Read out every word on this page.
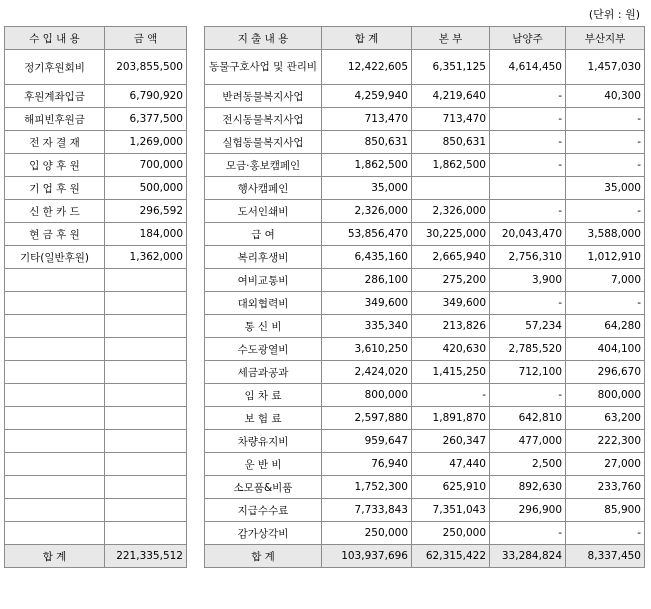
(단위 : 원)
수 입 내 용	금 액
정기후원회비	203,855,500
후원계좌입금	6,790,920
해피빈후원금	6,377,500
전 자 결 재	1,269,000
입 양 후 원	700,000
기 업 후 원	500,000
신 한 카 드	296,592
현 금 후 원	184,000
기타(일반후원)	1,362,000

합 계	221,335,512
지 출 내 용	합 계	본 부	남양주	부산지부
동물구호사업 및 관리비	12,422,605	6,351,125	4,614,450	1,457,030
반려동물복지사업	4,259,940	4,219,640	-	40,300
전시동물복지사업	713,470	713,470	-	-
실험동물복지사업	850,631	850,631	-	-
모금·홍보캠페인	1,862,500	1,862,500	-	-
행사캠페인	35,000			35,000
도서인쇄비	2,326,000	2,326,000	-	-
급 여	53,856,470	30,225,000	20,043,470	3,588,000
복리후생비	6,435,160	2,665,940	2,756,310	1,012,910
여비교통비	286,100	275,200	3,900	7,000
대외협력비	349,600	349,600	-	-
통 신 비	335,340	213,826	57,234	64,280
수도광열비	3,610,250	420,630	2,785,520	404,100
세금과공과	2,424,020	1,415,250	712,100	296,670
임 차 료	800,000	-	-	800,000
보 험 료	2,597,880	1,891,870	642,810	63,200
차량유지비	959,647	260,347	477,000	222,300
운 반 비	76,940	47,440	2,500	27,000
소모품&비품	1,752,300	625,910	892,630	233,760
지급수수료	7,733,843	7,351,043	296,900	85,900
감가상각비	250,000	250,000	-	-
합 계	103,937,696	62,315,422	33,284,824	8,337,450
